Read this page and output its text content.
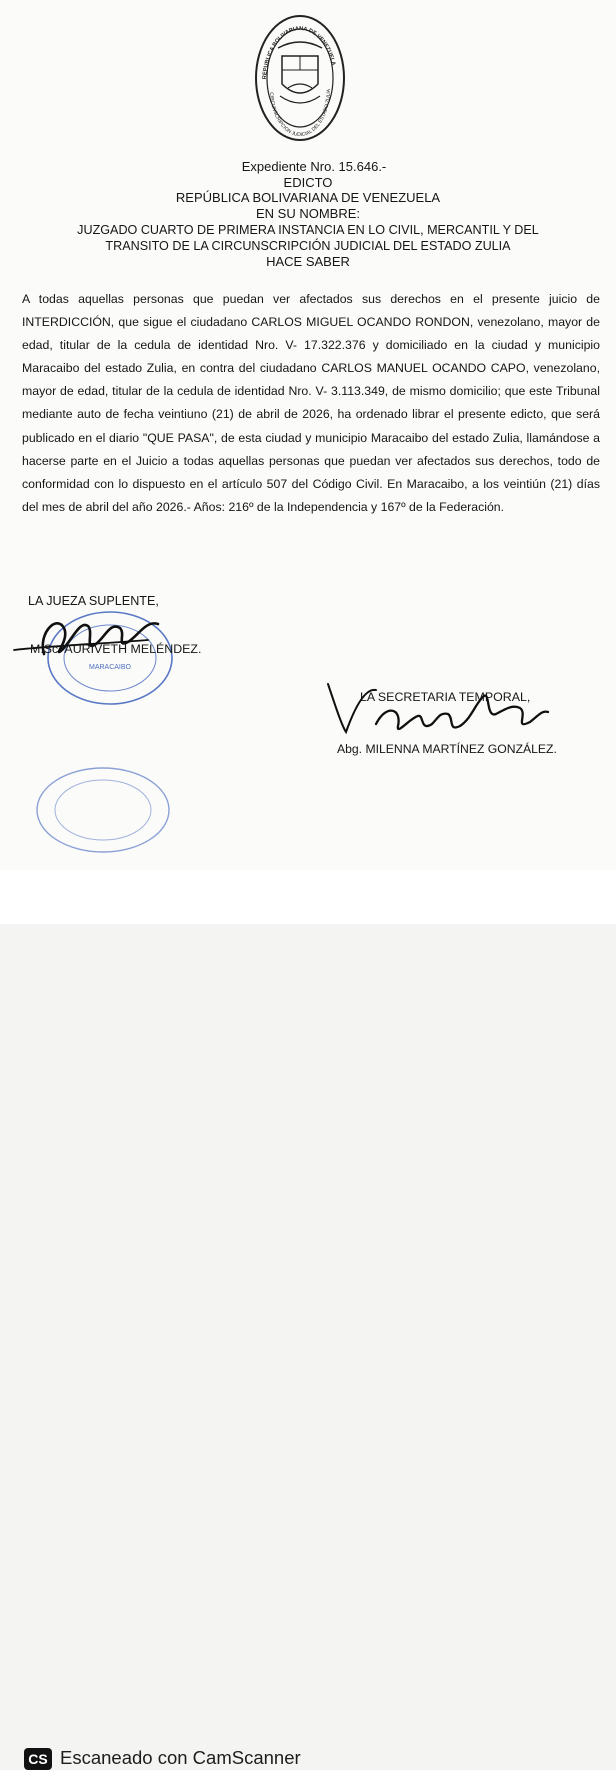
REPUBLICA BOLIVARIANA DE VENEZUELA
CIRCUNSCRIPCION JUDICIAL DEL ESTADO ZULIA
Expediente Nro. 15.646.-
EDICTO
REPÚBLICA BOLIVARIANA DE VENEZUELA
EN SU NOMBRE:
JUZGADO CUARTO DE PRIMERA INSTANCIA EN LO CIVIL, MERCANTIL Y DEL
TRANSITO DE LA CIRCUNSCRIPCIÓN JUDICIAL DEL ESTADO ZULIA
HACE SABER

A todas aquellas personas que puedan ver afectados sus derechos en el presente juicio de INTERDICCIÓN, que sigue el ciudadano CARLOS MIGUEL OCANDO RONDON, venezolano, mayor de edad, titular de la cedula de identidad Nro. V- 17.322.376 y domiciliado en la ciudad y municipio Maracaibo del estado Zulia, en contra del ciudadano CARLOS MANUEL OCANDO CAPO, venezolano, mayor de edad, titular de la cedula de identidad Nro. V- 3.113.349, de mismo domicilio; que este Tribunal mediante auto de fecha veintiuno (21) de abril de 2026, ha ordenado librar el presente edicto, que será publicado en el diario "QUE PASA", de esta ciudad y municipio Maracaibo del estado Zulia, llamándose a hacerse parte en el Juicio a todas aquellas personas que puedan ver afectados sus derechos, todo de conformidad con lo dispuesto en el artículo 507 del Código Civil. En Maracaibo, a los veintiún (21) días del mes de abril del año 2026.- Años: 216º de la Independencia y 167º de la Federación.

MARACAIBO
LA JUEZA SUPLENTE,
M.Sc. AURIVETH MELÉNDEZ.
LA SECRETARIA TEMPORAL,
Abg. MILENNA MARTÍNEZ GONZÁLEZ.
CS Escaneado con CamScanner
